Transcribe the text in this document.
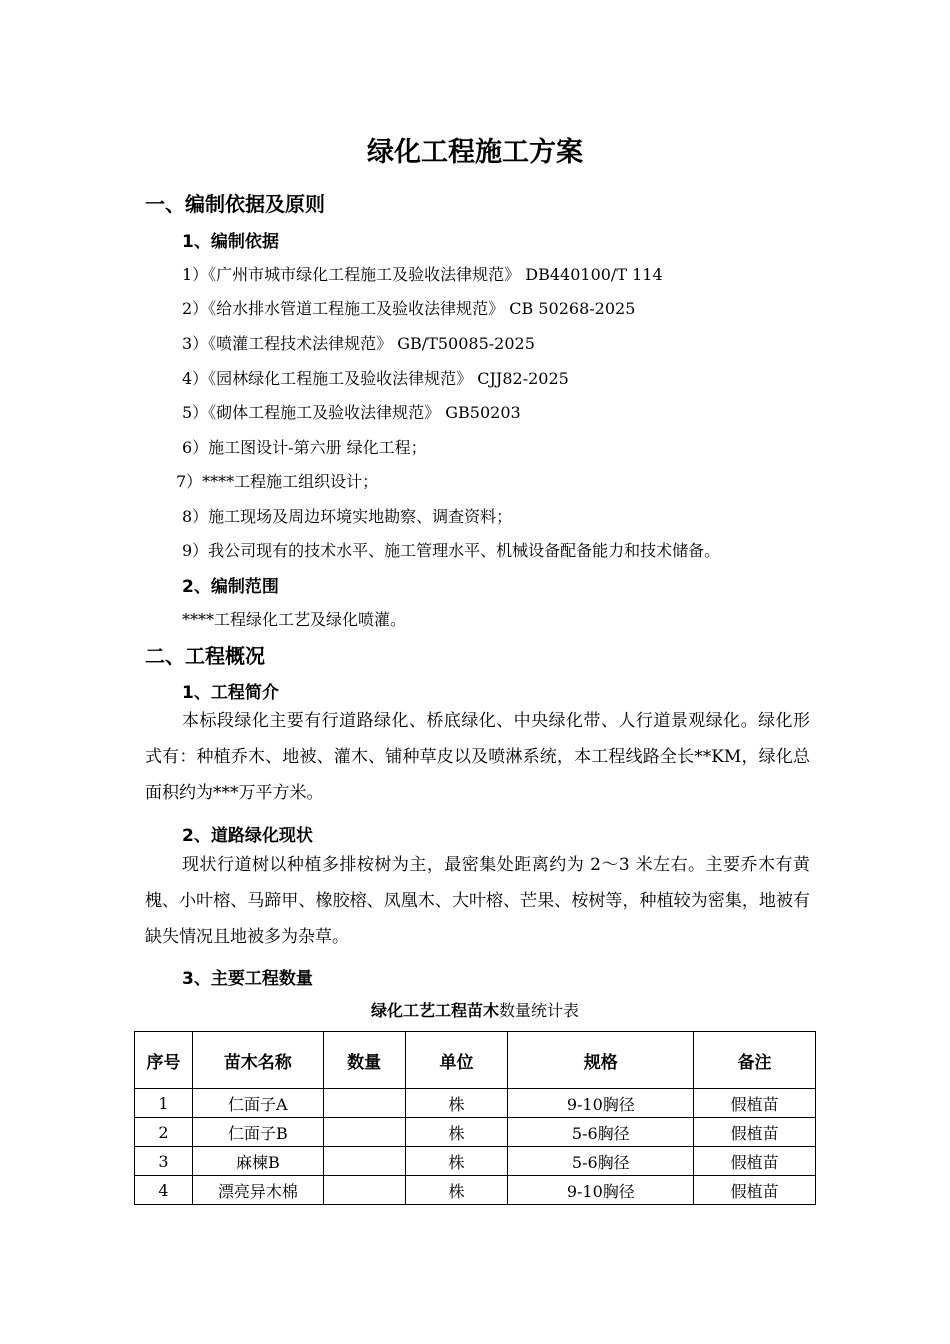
绿化工程施工方案
一、编制依据及原则
1、编制依据
1）《广州市城市绿化工程施工及验收法律规范》 DB440100/T 114
2）《给水排水管道工程施工及验收法律规范》 CB 50268-2025
3）《喷灌工程技术法律规范》 GB/T50085-2025
4）《园林绿化工程施工及验收法律规范》 CJJ82-2025
5）《砌体工程施工及验收法律规范》 GB50203
6）施工图设计-第六册 绿化工程；
7）****工程施工组织设计；
8）施工现场及周边环境实地勘察、调查资料；
9）我公司现有的技术水平、施工管理水平、机械设备配备能力和技术储备。
2、编制范围
****工程绿化工艺及绿化喷灌。
二、工程概况
1、工程简介

本标段绿化主要有行道路绿化、桥底绿化、中央绿化带、人行道景观绿化。绿化形式有：种植乔木、地被、灌木、铺种草皮以及喷淋系统，本工程线路全长**KM，绿化总面积约为***万平方米。

2、道路绿化现状

现状行道树以种植多排桉树为主，最密集处距离约为 2～3 米左右。主要乔木有黄槐、小叶榕、马蹄甲、橡胶榕、凤凰木、大叶榕、芒果、桉树等，种植较为密集，地被有缺失情况且地被多为杂草。

3、主要工程数量
绿化工艺工程苗木数量统计表
序号	苗木名称	数量	单位	规格	备注
1	仁面子A		株	9-10胸径	假植苗
2	仁面子B		株	5-6胸径	假植苗
3	麻楝B		株	5-6胸径	假植苗
4	漂亮异木棉		株	9-10胸径	假植苗
